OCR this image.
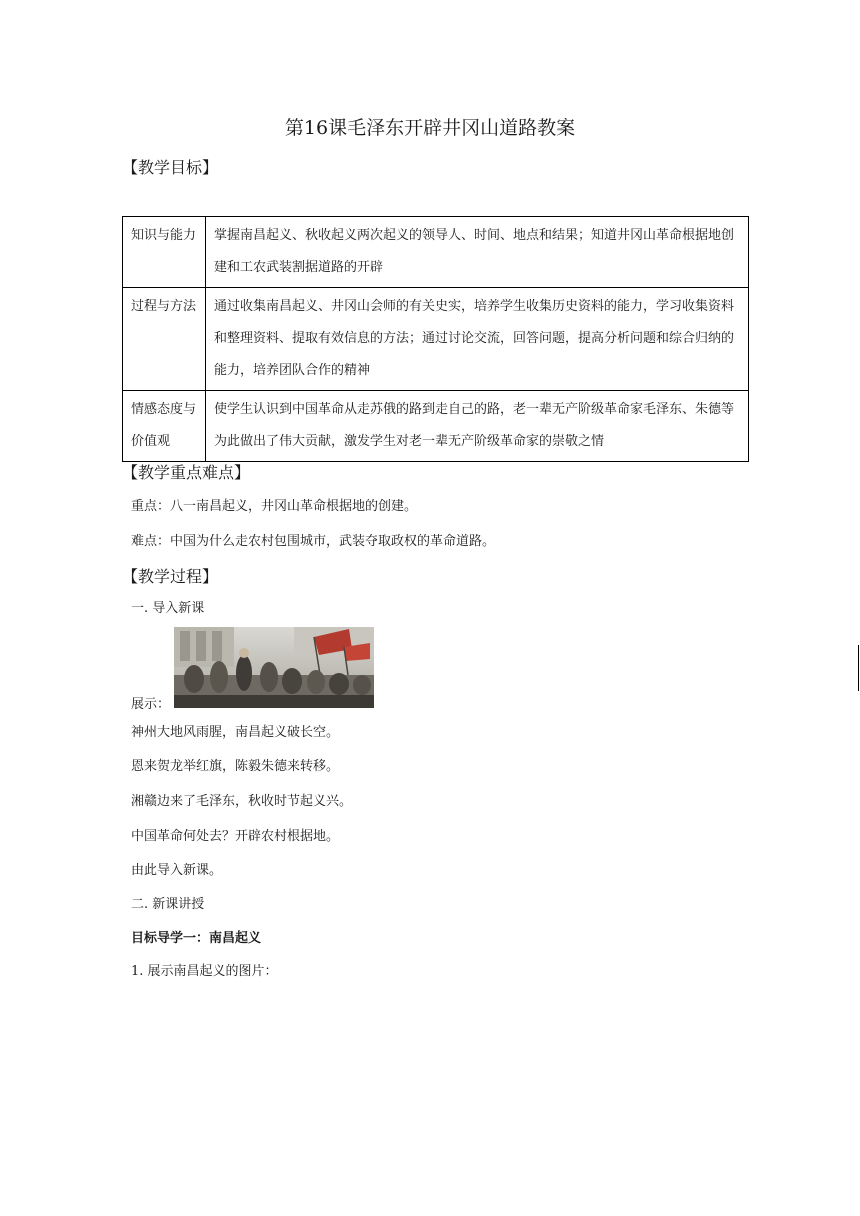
第16课毛泽东开辟井冈山道路教案
【教学目标】
知识与能力	掌握南昌起义、秋收起义两次起义的领导人、时间、地点和结果；知道井冈山革命根据地创建和工农武装割据道路的开辟
过程与方法	通过收集南昌起义、井冈山会师的有关史实，培养学生收集历史资料的能力，学习收集资料和整理资料、提取有效信息的方法；通过讨论交流，回答问题，提高分析问题和综合归纳的能力，培养团队合作的精神
情感态度与价值观	使学生认识到中国革命从走苏俄的路到走自己的路，老一辈无产阶级革命家毛泽东、朱德等为此做出了伟大贡献，激发学生对老一辈无产阶级革命家的崇敬之情
【教学重点难点】
重点：八一南昌起义，井冈山革命根据地的创建。
难点：中国为什么走农村包围城市，武装夺取政权的革命道路。
【教学过程】
一. 导入新课
展示：
神州大地风雨腥，南昌起义破长空。
恩来贺龙举红旗，陈毅朱德来转移。
湘赣边来了毛泽东，秋收时节起义兴。
中国革命何处去？开辟农村根据地。
由此导入新课。
二. 新课讲授
目标导学一：南昌起义
1. 展示南昌起义的图片：
